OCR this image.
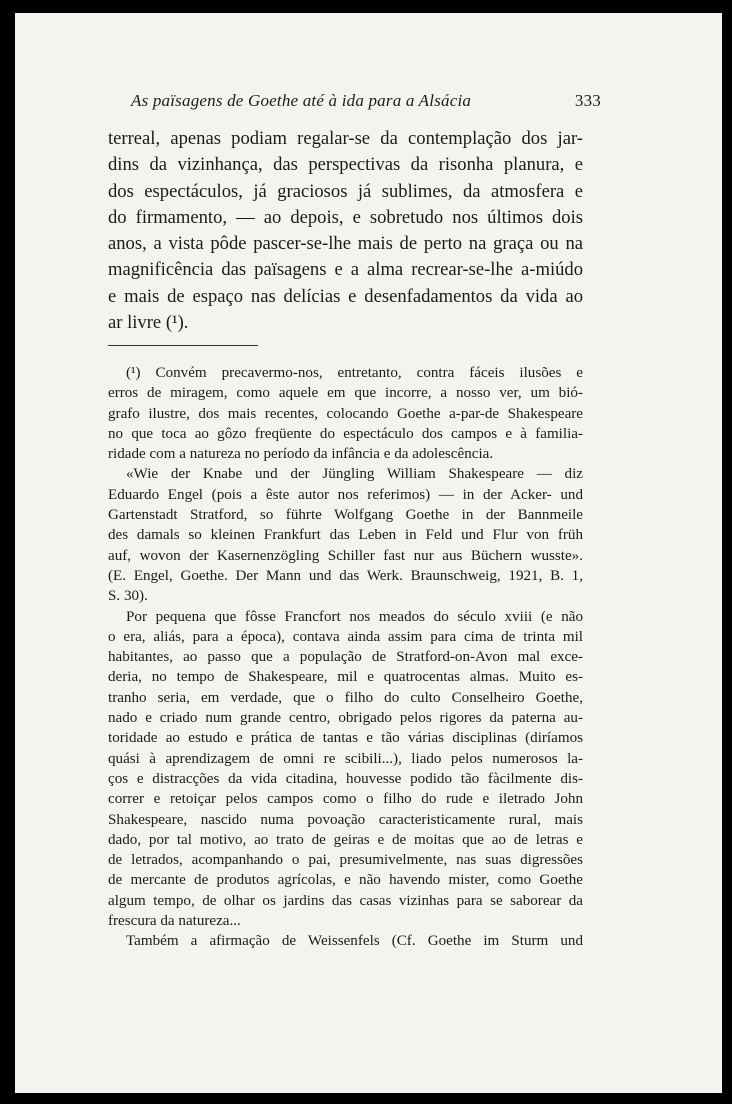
As païsagens de Goethe até à ida para a Alsácia	333
terreal, apenas podiam regalar-se da contemplação dos jar-
dins da vizinhança, das perspectivas da risonha planura, e
dos espectáculos, já graciosos já sublimes, da atmosfera e
do firmamento, — ao depois, e sobretudo nos últimos dois
anos, a vista pôde pascer-se-lhe mais de perto na graça ou na
magnificência das païsagens e a alma recrear-se-lhe a-miúdo
e mais de espaço nas delícias e desenfadamentos da vida ao
ar livre (¹).
(¹) Convém precavermo-nos, entretanto, contra fáceis ilusões e
erros de miragem, como aquele em que incorre, a nosso ver, um bió-
grafo ilustre, dos mais recentes, colocando Goethe a-par-de Shakespeare
no que toca ao gôzo freqüente do espectáculo dos campos e à familia-
ridade com a natureza no período da infância e da adolescência.
«Wie der Knabe und der Jüngling William Shakespeare — diz
Eduardo Engel (pois a êste autor nos referimos) — in der Acker- und
Gartenstadt Stratford, so führte Wolfgang Goethe in der Bannmeile
des damals so kleinen Frankfurt das Leben in Feld und Flur von früh
auf, wovon der Kasernenzögling Schiller fast nur aus Büchern wusste».
(E. Engel, Goethe. Der Mann und das Werk. Braunschweig, 1921, B. 1,
S. 30).
Por pequena que fôsse Francfort nos meados do século xviii (e não
o era, aliás, para a época), contava ainda assim para cima de trinta mil
habitantes, ao passo que a população de Stratford-on-Avon mal exce-
deria, no tempo de Shakespeare, mil e quatrocentas almas. Muito es-
tranho seria, em verdade, que o filho do culto Conselheiro Goethe,
nado e criado num grande centro, obrigado pelos rigores da paterna au-
toridade ao estudo e prática de tantas e tão várias disciplinas (diríamos
quási à aprendizagem de omni re scibili...), liado pelos numerosos la-
ços e distracções da vida citadina, houvesse podido tão fàcilmente dis-
correr e retoiçar pelos campos como o filho do rude e iletrado John
Shakespeare, nascido numa povoação caracteristicamente rural, mais
dado, por tal motivo, ao trato de geiras e de moitas que ao de letras e
de letrados, acompanhando o pai, presumivelmente, nas suas digressões
de mercante de produtos agrícolas, e não havendo mister, como Goethe
algum tempo, de olhar os jardins das casas vizinhas para se saborear da
frescura da natureza...
Também a afirmação de Weissenfels (Cf. Goethe im Sturm und
